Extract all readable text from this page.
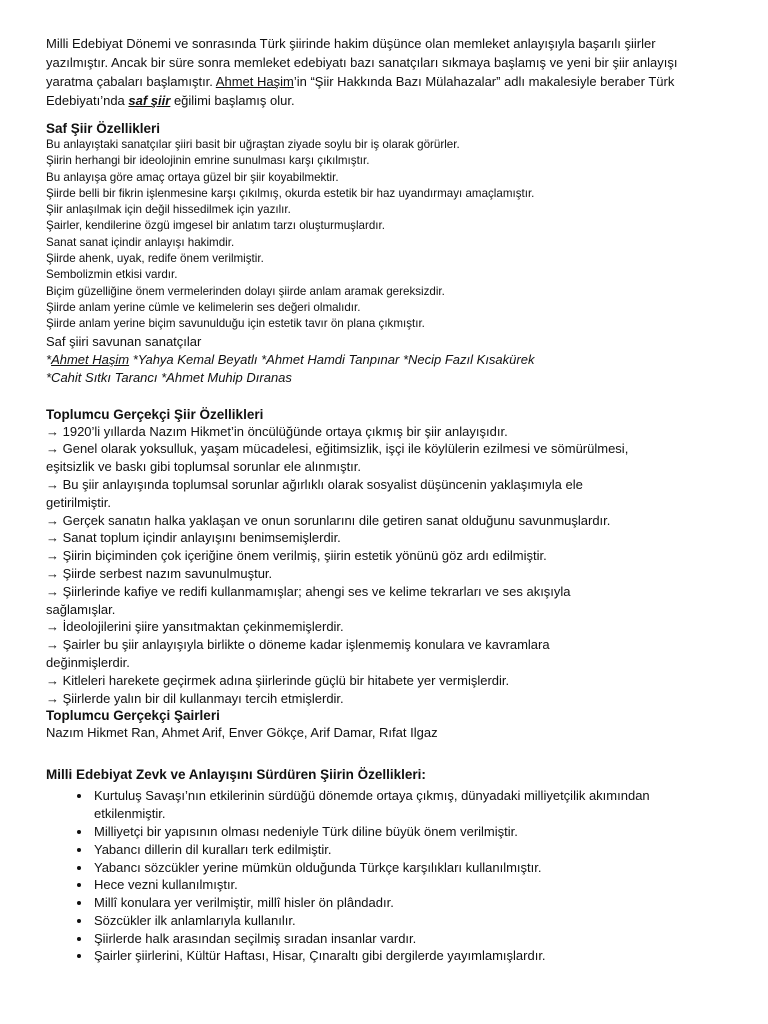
Milli Edebiyat Dönemi ve sonrasında Türk şiirinde hakim düşünce olan memleket anlayışıyla başarılı şiirler yazılmıştır. Ancak bir süre sonra memleket edebiyatı bazı sanatçıları sıkmaya başlamış ve yeni bir şiir anlayışı yaratma çabaları başlamıştır. Ahmet Haşim’in “Şiir Hakkında Bazı Mülahazalar” adlı makalesiyle beraber Türk Edebiyatı’nda saf şiir eğilimi başlamış olur.

Saf Şiir Özellikleri

Bu anlayıştaki sanatçılar şiiri basit bir uğraştan ziyade soylu bir iş olarak görürler.

Şiirin herhangi bir ideolojinin emrine sunulması karşı çıkılmıştır.

Bu anlayışa göre amaç ortaya güzel bir şiir koyabilmektir.

Şiirde belli bir fikrin işlenmesine karşı çıkılmış, okurda estetik bir haz uyandırmayı amaçlamıştır.

Şiir anlaşılmak için değil hissedilmek için yazılır.

Şairler, kendilerine özgü imgesel bir anlatım tarzı oluşturmuşlardır.

Sanat sanat içindir anlayışı hakimdir.

Şiirde ahenk, uyak, redife önem verilmiştir.

Sembolizmin etkisi vardır.

Biçim güzelliğine önem vermelerinden dolayı şiirde anlam aramak gereksizdir.

Şiirde anlam yerine cümle ve kelimelerin ses değeri olmalıdır.

Şiirde anlam yerine biçim savunulduğu için estetik tavır ön plana çıkmıştır.

Saf şiiri savunan sanatçılar

*Ahmet Haşim *Yahya Kemal Beyatlı *Ahmet Hamdi Tanpınar *Necip Fazıl Kısakürek

*Cahit Sıtkı Tarancı *Ahmet Muhip Dıranas

Toplumcu Gerçekçi Şiir Özellikleri

→ 1920’li yıllarda Nazım Hikmet’in öncülüğünde ortaya çıkmış bir şiir anlayışıdır.

→ Genel olarak yoksulluk, yaşam mücadelesi, eğitimsizlik, işçi ile köylülerin ezilmesi ve sömürülmesi,

eşitsizlik ve baskı gibi toplumsal sorunlar ele alınmıştır.

→ Bu şiir anlayışında toplumsal sorunlar ağırlıklı olarak sosyalist düşüncenin yaklaşımıyla ele

getirilmiştir.

→ Gerçek sanatın halka yaklaşan ve onun sorunlarını dile getiren sanat olduğunu savunmuşlardır.

→ Sanat toplum içindir anlayışını benimsemişlerdir.

→ Şiirin biçiminden çok içeriğine önem verilmiş, şiirin estetik yönünü göz ardı edilmiştir.

→ Şiirde serbest nazım savunulmuştur.

→ Şiirlerinde kafiye ve redifi kullanmamışlar; ahengi ses ve kelime tekrarları ve ses akışıyla

sağlamışlar.

→ İdeolojilerini şiire yansıtmaktan çekinmemişlerdir.

→ Şairler bu şiir anlayışıyla birlikte o döneme kadar işlenmemiş konulara ve kavramlara

değinmişlerdir.

→ Kitleleri harekete geçirmek adına şiirlerinde güçlü bir hitabete yer vermişlerdir.

→ Şiirlerde yalın bir dil kullanmayı tercih etmişlerdir.

Toplumcu Gerçekçi Şairleri

Nazım Hikmet Ran, Ahmet Arif, Enver Gökçe, Arif Damar, Rıfat Ilgaz

Milli Edebiyat Zevk ve Anlayışını Sürdüren Şiirin Özellikleri:
• Kurtuluş Savaşı’nın etkilerinin sürdüğü dönemde ortaya çıkmış, dünyadaki milliyetçilik akımından etkilenmiştir.
• Milliyetçi bir yapısının olması nedeniyle Türk diline büyük önem verilmiştir.
• Yabancı dillerin dil kuralları terk edilmiştir.
• Yabancı sözcükler yerine mümkün olduğunda Türkçe karşılıkları kullanılmıştır.
• Hece vezni kullanılmıştır.
• Millî konulara yer verilmiştir, millî hisler ön plândadır.
• Sözcükler ilk anlamlarıyla kullanılır.
• Şiirlerde halk arasından seçilmiş sıradan insanlar vardır.
• Şairler şiirlerini, Kültür Haftası, Hisar, Çınaraltı gibi dergilerde yayımlamışlardır.
